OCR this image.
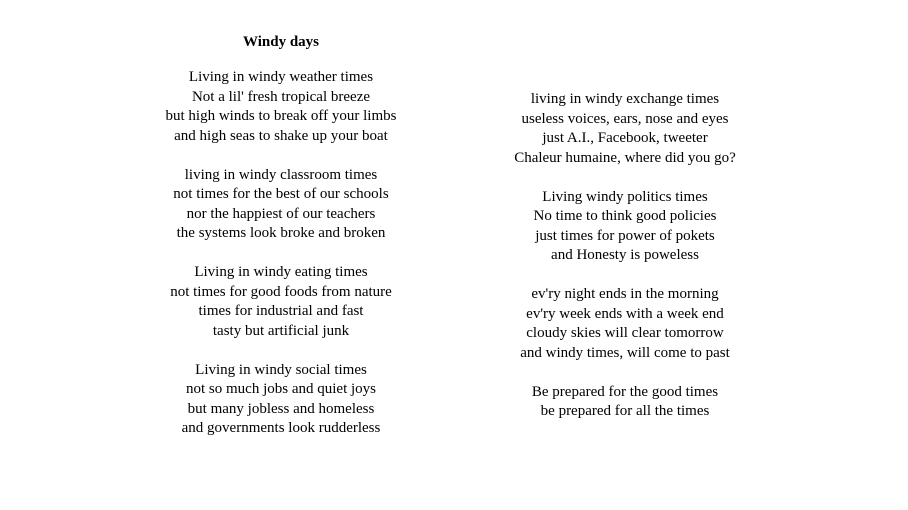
Windy days
Living in windy weather times
Not a lil' fresh tropical breeze
but high winds to break off your limbs
and high seas to shake up your boat
living in windy classroom times
not times for the best of our schools
nor the happiest of our teachers
the systems look broke and broken
Living in windy eating times
not times for good foods from nature
times for industrial and fast
tasty but artificial junk
Living in windy social times
not so much jobs and quiet joys
but many jobless and homeless
and governments look rudderless
living in windy exchange times
useless voices, ears, nose and eyes
just A.I., Facebook, tweeter
Chaleur humaine, where did you go?
Living windy politics times
No time to think good policies
just times for power of pokets
and Honesty is poweless
ev'ry night ends in the morning
ev'ry week ends with a week end
cloudy skies will clear tomorrow
and windy times, will come to past
Be prepared for the good times
be prepared for all the times
